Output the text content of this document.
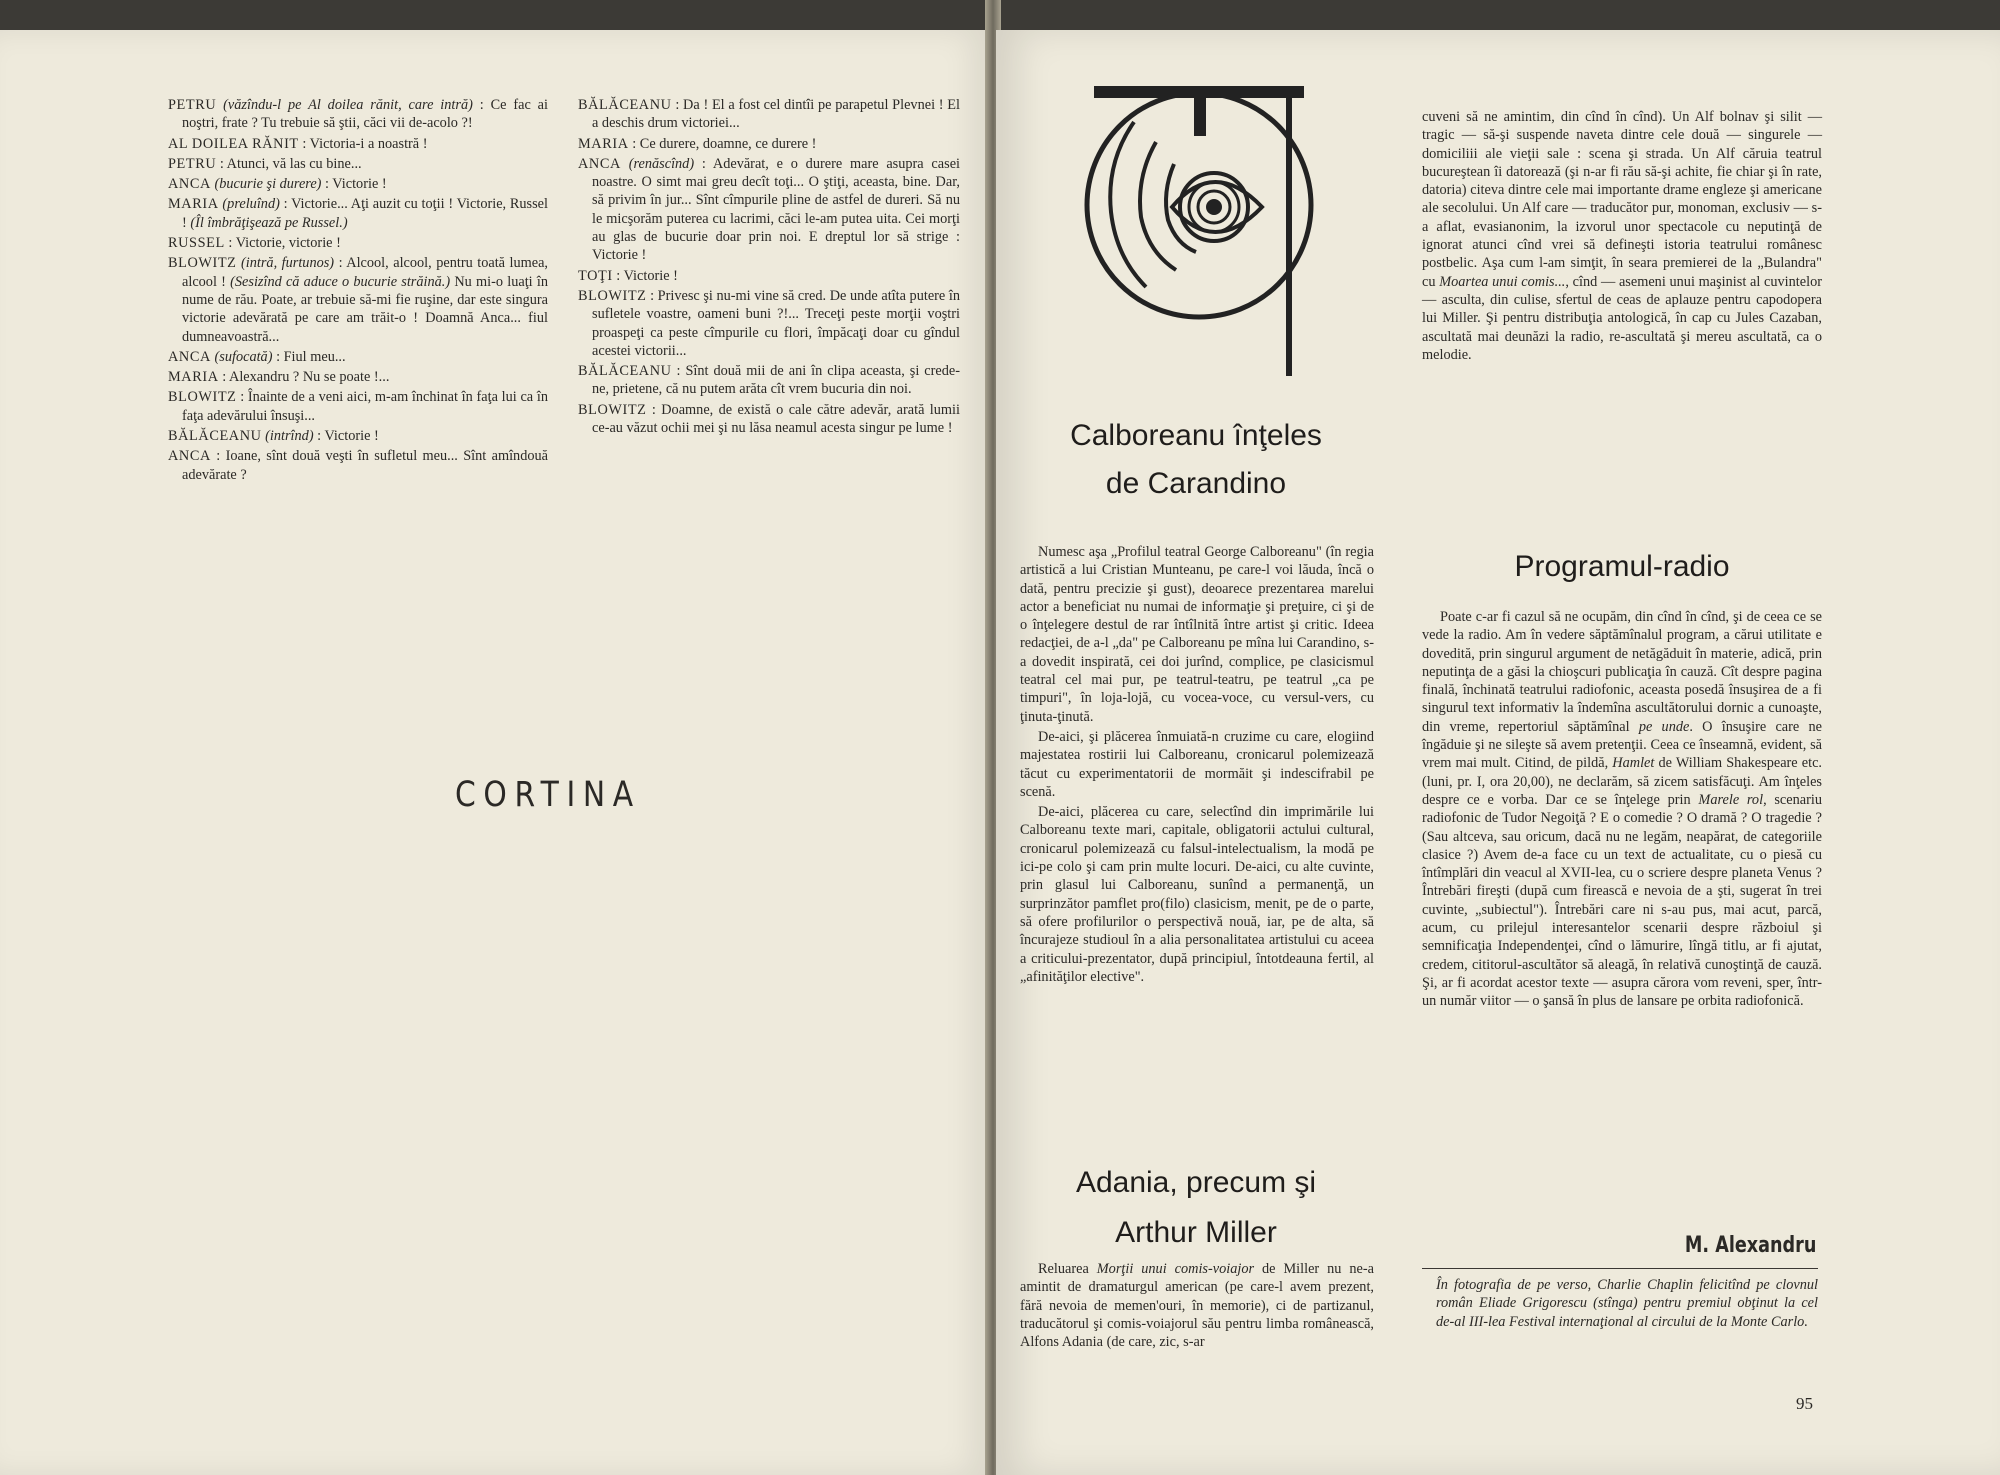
PETRU (văzîndu-l pe Al doilea rănit, care intră) : Ce fac ai noştri, frate ? Tu trebuie să ştii, căci vii de-acolo ?!

AL DOILEA RĂNIT : Victoria-i a noastră !

PETRU : Atunci, vă las cu bine...

ANCA (bucurie şi durere) : Victorie !

MARIA (preluînd) : Victorie... Aţi auzit cu toţii ! Victorie, Russel ! (Îl îmbrăţişează pe Russel.)

RUSSEL : Victorie, victorie !

BLOWITZ (intră, furtunos) : Alcool, alcool, pentru toată lumea, alcool ! (Sesizînd că aduce o bucurie străină.) Nu mi-o luaţi în nume de rău. Poate, ar trebuie să-mi fie ruşine, dar este singura victorie adevărată pe care am trăit-o ! Doamnă Anca... fiul dumneavoastră...

ANCA (sufocată) : Fiul meu...

MARIA : Alexandru ? Nu se poate !...

BLOWITZ : Înainte de a veni aici, m-am închinat în faţa lui ca în faţa adevărului însuşi...

BĂLĂCEANU (intrînd) : Victorie !

ANCA : Ioane, sînt două veşti în sufletul meu... Sînt amîndouă adevărate ?

BĂLĂCEANU : Da ! El a fost cel dintîi pe parapetul Plevnei ! El a deschis drum victoriei...

MARIA : Ce durere, doamne, ce durere !

ANCA (renăscînd) : Adevărat, e o durere mare asupra casei noastre. O simt mai greu decît toţi... O ştiţi, aceasta, bine. Dar, să privim în jur... Sînt cîmpurile pline de astfel de dureri. Să nu le micşorăm puterea cu lacrimi, căci le-am putea uita. Cei morţi au glas de bucurie doar prin noi. E dreptul lor să strige : Victorie !

TOŢI : Victorie !

BLOWITZ : Privesc şi nu-mi vine să cred. De unde atîta putere în sufletele voastre, oameni buni ?!... Treceţi peste morţii voştri proaspeţi ca peste cîmpurile cu flori, împăcaţi doar cu gîndul acestei victorii...

BĂLĂCEANU : Sînt două mii de ani în clipa aceasta, şi crede-ne, prietene, că nu putem arăta cît vrem bucuria din noi.

BLOWITZ : Doamne, de există o cale către adevăr, arată lumii ce-au văzut ochii mei şi nu lăsa neamul acesta singur pe lume !

CORTINA
T
Calboreanu înţeles
de Carandino

Numesc aşa „Profilul teatral George Calboreanu" (în regia artistică a lui Cristian Munteanu, pe care-l voi lăuda, încă o dată, pentru precizie şi gust), deoarece prezentarea marelui actor a beneficiat nu numai de informaţie şi preţuire, ci şi de o înţelegere destul de rar întîlnită între artist şi critic. Ideea redacţiei, de a-l „da" pe Calboreanu pe mîna lui Carandino, s-a dovedit inspirată, cei doi jurînd, complice, pe clasicismul teatral cel mai pur, pe teatrul-teatru, pe teatrul „ca pe timpuri", în loja-lojă, cu vocea-voce, cu versul-vers, cu ţinuta-ţinută.

De-aici, şi plăcerea înmuiată-n cruzime cu care, elogiind majestatea rostirii lui Calboreanu, cronicarul polemizează tăcut cu experimentatorii de mormăit şi indescifrabil pe scenă.

De-aici, plăcerea cu care, selectînd din imprimările lui Calboreanu texte mari, capitale, obligatorii actului cultural, cronicarul polemizează cu falsul-intelectualism, la modă pe ici-pe colo şi cam prin multe locuri. De-aici, cu alte cuvinte, prin glasul lui Calboreanu, sunînd a permanenţă, un surprinzător pamflet pro(filo) clasicism, menit, pe de o parte, să ofere profilurilor o perspectivă nouă, iar, pe de alta, să încurajeze studioul în a alia personalitatea artistului cu aceea a criticului-prezentator, după principiul, întotdeauna fertil, al „afinităţilor elective".

Adania, precum şi
Arthur Miller

Reluarea Morţii unui comis-voiajor de Miller nu ne-a amintit de dramaturgul american (pe care-l avem prezent, fără nevoia de memen'ouri, în memorie), ci de partizanul, traducătorul şi comis-voiajorul său pentru limba românească, Alfons Adania (de care, zic, s-ar

cuveni să ne amintim, din cînd în cînd). Un Alf bolnav şi silit — tragic — să-şi suspende naveta dintre cele două — singurele — domiciliii ale vieţii sale : scena şi strada. Un Alf căruia teatrul bucureştean îi datorează (şi n-ar fi rău să-şi achite, fie chiar şi în rate, datoria) citeva dintre cele mai importante drame engleze şi americane ale secolului. Un Alf care — traducător pur, monoman, exclusiv — s-a aflat, evasianonim, la izvorul unor spectacole cu neputinţă de ignorat atunci cînd vrei să defineşti istoria teatrului românesc postbelic. Aşa cum l-am simţit, în seara premierei de la „Bulandra" cu Moartea unui comis..., cînd — asemeni unui maşinist al cuvintelor — asculta, din culise, sfertul de ceas de aplauze pentru capodopera lui Miller. Şi pentru distribuţia antologică, în cap cu Jules Cazaban, ascultată mai deunăzi la radio, re-ascultată şi mereu ascultată, ca o melodie.

Programul-radio

Poate c-ar fi cazul să ne ocupăm, din cînd în cînd, şi de ceea ce se vede la radio. Am în vedere săptămînalul program, a cărui utilitate e dovedită, prin singurul argument de netăgăduit în materie, adică, prin neputinţa de a găsi la chioşcuri publicaţia în cauză. Cît despre pagina finală, închinată teatrului radiofonic, aceasta posedă însuşirea de a fi singurul text informativ la îndemîna ascultătorului dornic a cunoaşte, din vreme, repertoriul săptămînal pe unde. O însuşire care ne îngăduie şi ne sileşte să avem pretenţii. Ceea ce înseamnă, evident, să vrem mai mult. Citind, de pildă, Hamlet de William Shakespeare etc. (luni, pr. I, ora 20,00), ne declarăm, să zicem satisfăcuţi. Am înţeles despre ce e vorba. Dar ce se înţelege prin Marele rol, scenariu radiofonic de Tudor Negoiţă ? E o comedie ? O dramă ? O tragedie ? (Sau altceva, sau oricum, dacă nu ne legăm, neapărat, de categoriile clasice ?) Avem de-a face cu un text de actualitate, cu o piesă cu întîmplări din veacul al XVII-lea, cu o scriere despre planeta Venus ? Întrebări fireşti (după cum firească e nevoia de a şti, sugerat în trei cuvinte, „subiectul"). Întrebări care ni s-au pus, mai acut, parcă, acum, cu prilejul interesantelor scenarii despre războiul şi semnificaţia Independenţei, cînd o lămurire, lîngă titlu, ar fi ajutat, credem, cititorul-ascultător să aleagă, în relativă cunoştinţă de cauză. Şi, ar fi acordat acestor texte — asupra cărora vom reveni, sper, într-un număr viitor — o şansă în plus de lansare pe orbita radiofonică.

M. Alexandru

În fotografia de pe verso, Charlie Chaplin felicitînd pe clovnul român Eliade Grigorescu (stînga) pentru premiul obţinut la cel de-al III-lea Festival internaţional al circului de la Monte Carlo.

95
